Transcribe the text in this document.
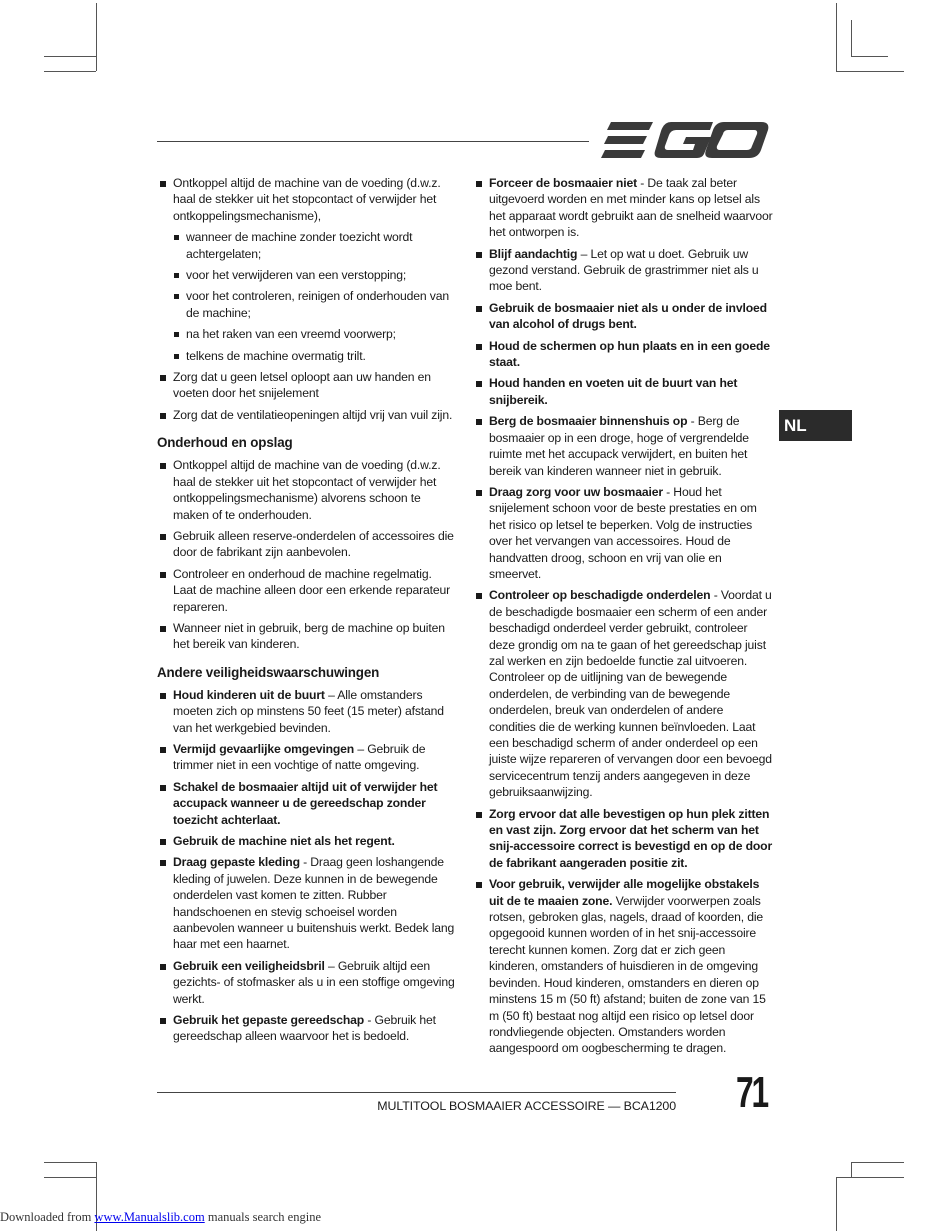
NL
Ontkoppel altijd de machine van de voeding (d.w.z. haal de stekker uit het stopcontact of verwijder het ontkoppelingsmechanisme),
wanneer de machine zonder toezicht wordt achtergelaten;
voor het verwijderen van een verstopping;
voor het controleren, reinigen of onderhouden van de machine;
na het raken van een vreemd voorwerp;
telkens de machine overmatig trilt.
Zorg dat u geen letsel oploopt aan uw handen en voeten door het snijelement
Zorg dat de ventilatieopeningen altijd vrij van vuil zijn.
Onderhoud en opslag
Ontkoppel altijd de machine van de voeding (d.w.z. haal de stekker uit het stopcontact of verwijder het ontkoppelingsmechanisme) alvorens schoon te maken of te onderhouden.
Gebruik alleen reserve-onderdelen of accessoires die door de fabrikant zijn aanbevolen.
Controleer en onderhoud de machine regelmatig. Laat de machine alleen door een erkende reparateur repareren.
Wanneer niet in gebruik, berg de machine op buiten het bereik van kinderen.
Andere veiligheidswaarschuwingen
Houd kinderen uit de buurt – Alle omstanders moeten zich op minstens 50 feet (15 meter) afstand van het werkgebied bevinden.
Vermijd gevaarlijke omgevingen – Gebruik de trimmer niet in een vochtige of natte omgeving.
Schakel de bosmaaier altijd uit of verwijder het accupack wanneer u de gereedschap zonder toezicht achterlaat.
Gebruik de machine niet als het regent.
Draag gepaste kleding - Draag geen loshangende kleding of juwelen. Deze kunnen in de bewegende onderdelen vast komen te zitten. Rubber handschoenen en stevig schoeisel worden aanbevolen wanneer u buitenshuis werkt. Bedek lang haar met een haarnet.
Gebruik een veiligheidsbril – Gebruik altijd een gezichts- of stofmasker als u in een stoffige omgeving werkt.
Gebruik het gepaste gereedschap - Gebruik het gereedschap alleen waarvoor het is bedoeld.
Forceer de bosmaaier niet - De taak zal beter uitgevoerd worden en met minder kans op letsel als het apparaat wordt gebruikt aan de snelheid waarvoor het ontworpen is.
Blijf aandachtig – Let op wat u doet. Gebruik uw gezond verstand. Gebruik de grastrimmer niet als u moe bent.
Gebruik de bosmaaier niet als u onder de invloed van alcohol of drugs bent.
Houd de schermen op hun plaats en in een goede staat.
Houd handen en voeten uit de buurt van het snijbereik.
Berg de bosmaaier binnenshuis op - Berg de bosmaaier op in een droge, hoge of vergrendelde ruimte met het accupack verwijdert, en buiten het bereik van kinderen wanneer niet in gebruik.
Draag zorg voor uw bosmaaier - Houd het snijelement schoon voor de beste prestaties en om het risico op letsel te beperken. Volg de instructies over het vervangen van accessoires. Houd de handvatten droog, schoon en vrij van olie en smeervet.
Controleer op beschadigde onderdelen - Voordat u de beschadigde bosmaaier een scherm of een ander beschadigd onderdeel verder gebruikt, controleer deze grondig om na te gaan of het gereedschap juist zal werken en zijn bedoelde functie zal uitvoeren. Controleer op de uitlijning van de bewegende onderdelen, de verbinding van de bewegende onderdelen, breuk van onderdelen of andere condities die de werking kunnen beïnvloeden. Laat een beschadigd scherm of ander onderdeel op een juiste wijze repareren of vervangen door een bevoegd servicecentrum tenzij anders aangegeven in deze gebruiksaanwijzing.
Zorg ervoor dat alle bevestigen op hun plek zitten en vast zijn. Zorg ervoor dat het scherm van het snij-accessoire correct is bevestigd en op de door de fabrikant aangeraden positie zit.
Voor gebruik, verwijder alle mogelijke obstakels uit de te maaien zone. Verwijder voorwerpen zoals rotsen, gebroken glas, nagels, draad of koorden, die opgegooid kunnen worden of in het snij-accessoire terecht kunnen komen. Zorg dat er zich geen kinderen, omstanders of huisdieren in de omgeving bevinden. Houd kinderen, omstanders en dieren op minstens 15 m (50 ft) afstand; buiten de zone van 15 m (50 ft) bestaat nog altijd een risico op letsel door rondvliegende objecten. Omstanders worden aangespoord om oogbescherming te dragen.
MULTITOOL BOSMAAIER ACCESSOIRE — BCA1200 71
Downloaded from www.Manualslib.com manuals search engine
